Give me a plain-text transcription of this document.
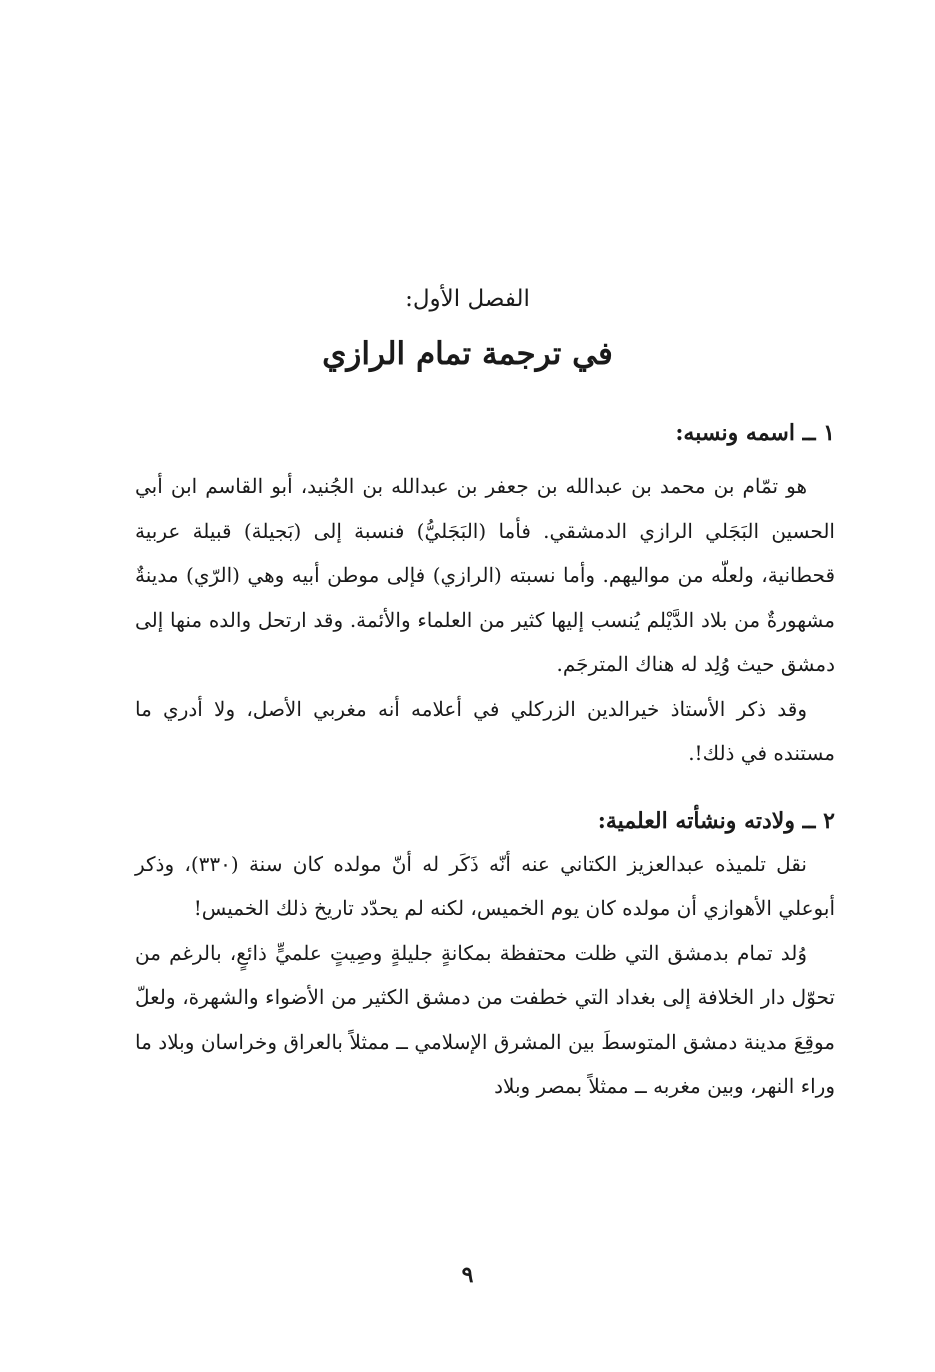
الفصل الأول:
في ترجمة تمام الرازي
١ ــ اسمه ونسبه:

هو تمّام بن محمد بن عبدالله بن جعفر بن عبدالله بن الجُنيد، أبو القاسم ابن أبي الحسين البَجَلي الرازي الدمشقي. فأما (البَجَليُّ) فنسبة إلى (بَجيلة) قبيلة عربية قحطانية، ولعلّه من مواليهم. وأما نسبته (الرازي) فإلى موطن أبيه وهي (الرّي) مدينةٌ مشهورةٌ من بلاد الدَّيْلم يُنسب إليها كثير من العلماء والأئمة. وقد ارتحل والده منها إلى دمشق حيث وُلِد له هناك المترجَم.

وقد ذكر الأستاذ خيرالدين الزركلي في أعلامه أنه مغربي الأصل، ولا أدري ما مستنده في ذلك!.

٢ ــ ولادته ونشأته العلمية:

نقل تلميذه عبدالعزيز الكتاني عنه أنّه ذَكَر له أنّ مولده كان سنة (٣٣٠)، وذكر أبوعلي الأهوازي أن مولده كان يوم الخميس، لكنه لم يحدّد تاريخ ذلك الخميس!

وُلد تمام بدمشق التي ظلت محتفظة بمكانةٍ جليلةٍ وصِيتٍ علميٍّ ذائعٍ، بالرغم من تحوّل دار الخلافة إلى بغداد التي خطفت من دمشق الكثير من الأضواء والشهرة، ولعلّ موقِعَ مدينة دمشق المتوسطَ بين المشرق الإسلامي ــ ممثلاً بالعراق وخراسان وبلاد ما وراء النهر، وبين مغربه ــ ممثلاً بمصر وبلاد

٩
